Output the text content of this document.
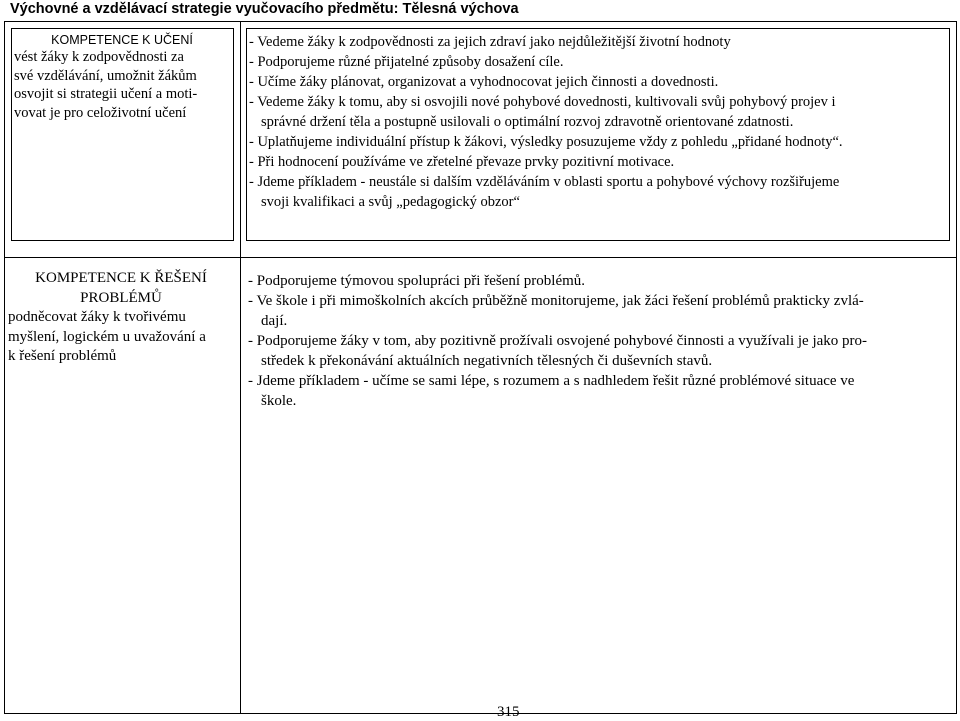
Výchovné a vzdělávací strategie vyučovacího předmětu: Tělesná výchova
KOMPETENCE K UČENÍ
vést žáky k zodpovědnosti za
své vzdělávání, umožnit žákům
osvojit si strategii učení a moti-
vovat je pro celoživotní učení
- Vedeme žáky k zodpovědnosti za jejich zdraví jako nejdůležitější životní hodnoty
- Podporujeme různé přijatelné způsoby dosažení cíle.
- Učíme žáky plánovat, organizovat a vyhodnocovat jejich činnosti a dovednosti.
- Vedeme žáky k tomu, aby si osvojili nové pohybové dovednosti, kultivovali svůj pohybový projev i
správné držení těla a postupně usilovali o optimální rozvoj zdravotně orientované zdatnosti.
- Uplatňujeme individuální přístup k žákovi, výsledky posuzujeme vždy z pohledu „přidané hodnoty“.
- Při hodnocení používáme ve zřetelné převaze prvky pozitivní motivace.
- Jdeme příkladem - neustále si dalším vzděláváním v oblasti sportu a pohybové výchovy rozšiřujeme
svoji kvalifikaci a svůj „pedagogický obzor“
KOMPETENCE K ŘEŠENÍ
PROBLÉMŮ
podněcovat žáky k tvořivému
myšlení, logickém u uvažování a
k řešení problémů
- Podporujeme týmovou spolupráci při řešení problémů.
- Ve škole i při mimoškolních akcích průběžně monitorujeme, jak žáci řešení problémů prakticky zvlá-
dají.
- Podporujeme žáky v tom, aby pozitivně prožívali osvojené pohybové činnosti a využívali je jako pro-
středek k překonávání aktuálních negativních tělesných či duševních stavů.
- Jdeme příkladem - učíme se sami lépe, s rozumem a s nadhledem řešit různé problémové situace ve
škole.
315
